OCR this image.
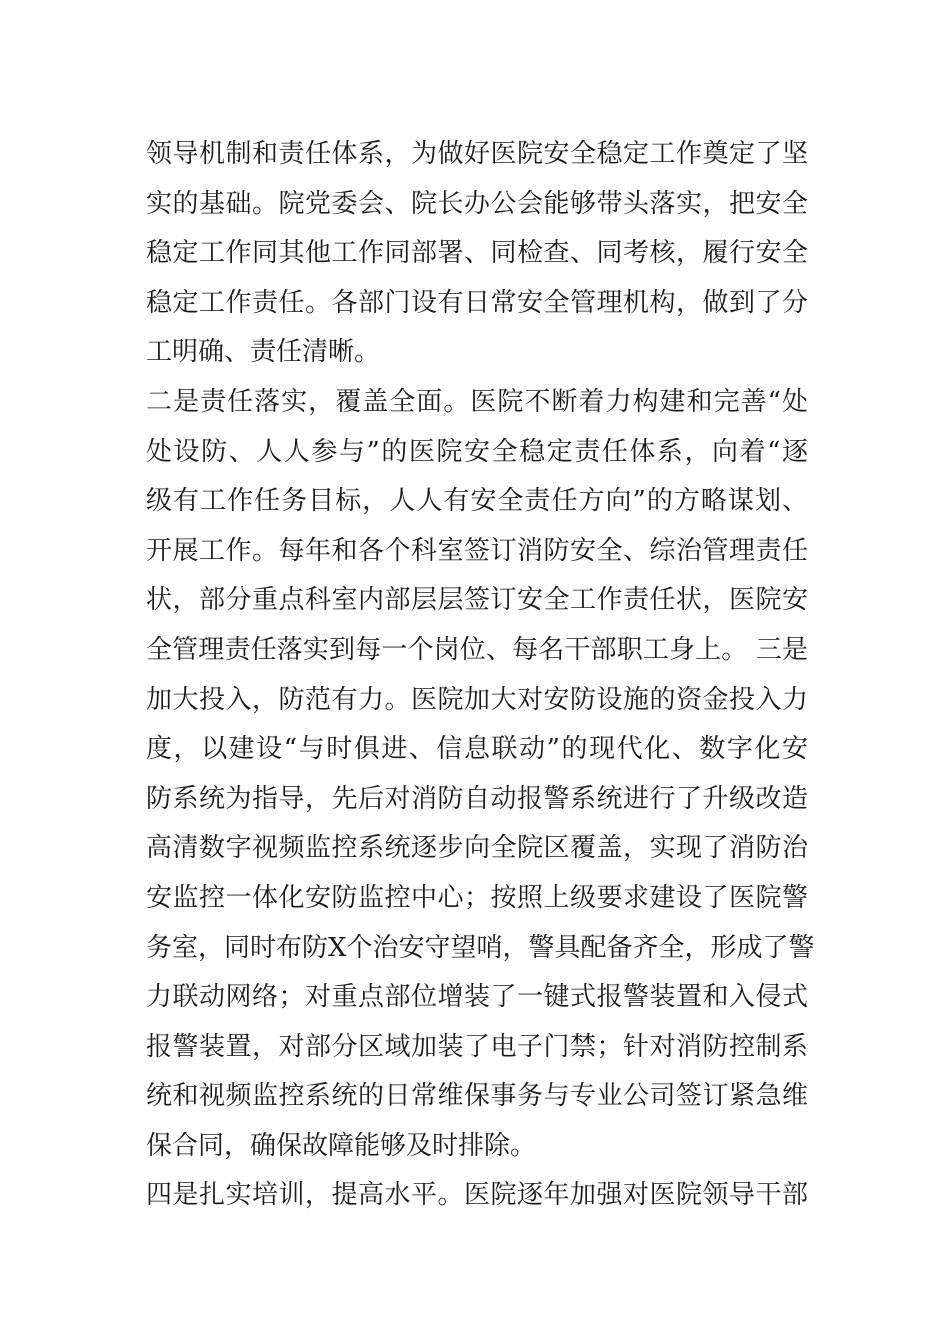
领导机制和责任体系，为做好医院安全稳定工作奠定了坚
实的基础。院党委会、院长办公会能够带头落实，把安全
稳定工作同其他工作同部署、同检查、同考核，履行安全
稳定工作责任。各部门设有日常安全管理机构，做到了分
工明确、责任清晰。
二是责任落实，覆盖全面。医院不断着力构建和完善“处
处设防、人人参与”的医院安全稳定责任体系，向着“逐
级有工作任务目标，人人有安全责任方向”的方略谋划、
开展工作。每年和各个科室签订消防安全、综治管理责任
状，部分重点科室内部层层签订安全工作责任状，医院安
全管理责任落实到每一个岗位、每名干部职工身上。 三是
加大投入，防范有力。医院加大对安防设施的资金投入力
度，以建设“与时俱进、信息联动”的现代化、数字化安
防系统为指导，先后对消防自动报警系统进行了升级改造
高清数字视频监控系统逐步向全院区覆盖，实现了消防治
安监控一体化安防监控中心；按照上级要求建设了医院警
务室，同时布防X个治安守望哨，警具配备齐全，形成了警
力联动网络；对重点部位增装了一键式报警装置和入侵式
报警装置，对部分区域加装了电子门禁；针对消防控制系
统和视频监控系统的日常维保事务与专业公司签订紧急维
保合同，确保故障能够及时排除。
四是扎实培训，提高水平。医院逐年加强对医院领导干部
